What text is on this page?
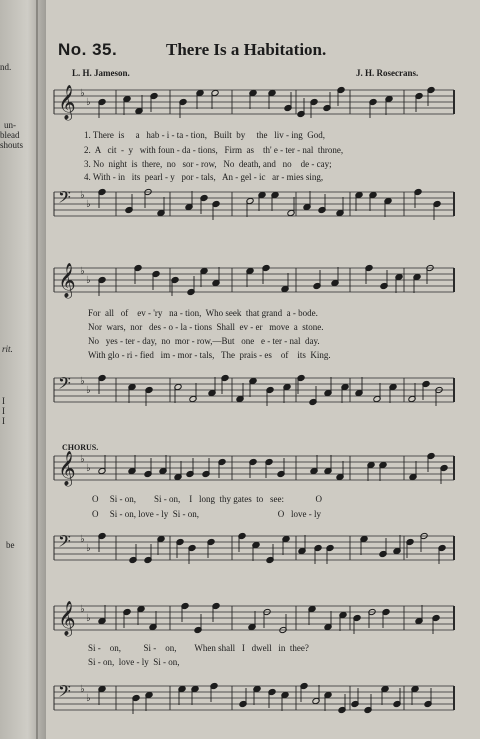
nd.
un-
blead
shouts
rit.
I
I
I
be
No. 35.	There Is a Habitation.
L. H. Jameson.	J. H. Rosecrans.
𝄞 ♭
♭
𝄢 ♭
♭
𝄞 ♭
♭
𝄢 ♭
♭
𝄞 ♭
♭
𝄢 ♭
♭
𝄞 ♭
♭
𝄢 ♭
♭
1. There  is     a   hab - i - ta - tion,   Built  by     the   liv - ing  God,
2.  A   cit  -  y   with foun - da - tions,   Firm  as    th' e - ter - nal  throne,
3. No  night  is  there,  no   sor - row,   No  death, and   no    de - cay;
4. With - in   its  pearl - y   por - tals,   An - gel - ic   ar - mies sing,
For  all   of    ev - 'ry   na - tion,  Who seek  that grand  a - bode.
Nor  wars,  nor   des - o - la - tions  Shall  ev - er   move  a  stone.
No   yes - ter - day,  no  mor - row,—But   one   e - ter - nal  day.
With glo - ri - fied   im - mor - tals,   The  prais - es    of    its  King.
CHORUS.
O     Si - on,        Si - on,    I   long  thy gates  to   see:              O
O     Si - on, love - ly  Si - on,                                   O   love - ly
Si -    on,          Si -    on,        When shall   I   dwell   in  thee?
Si - on,  love - ly  Si - on,
